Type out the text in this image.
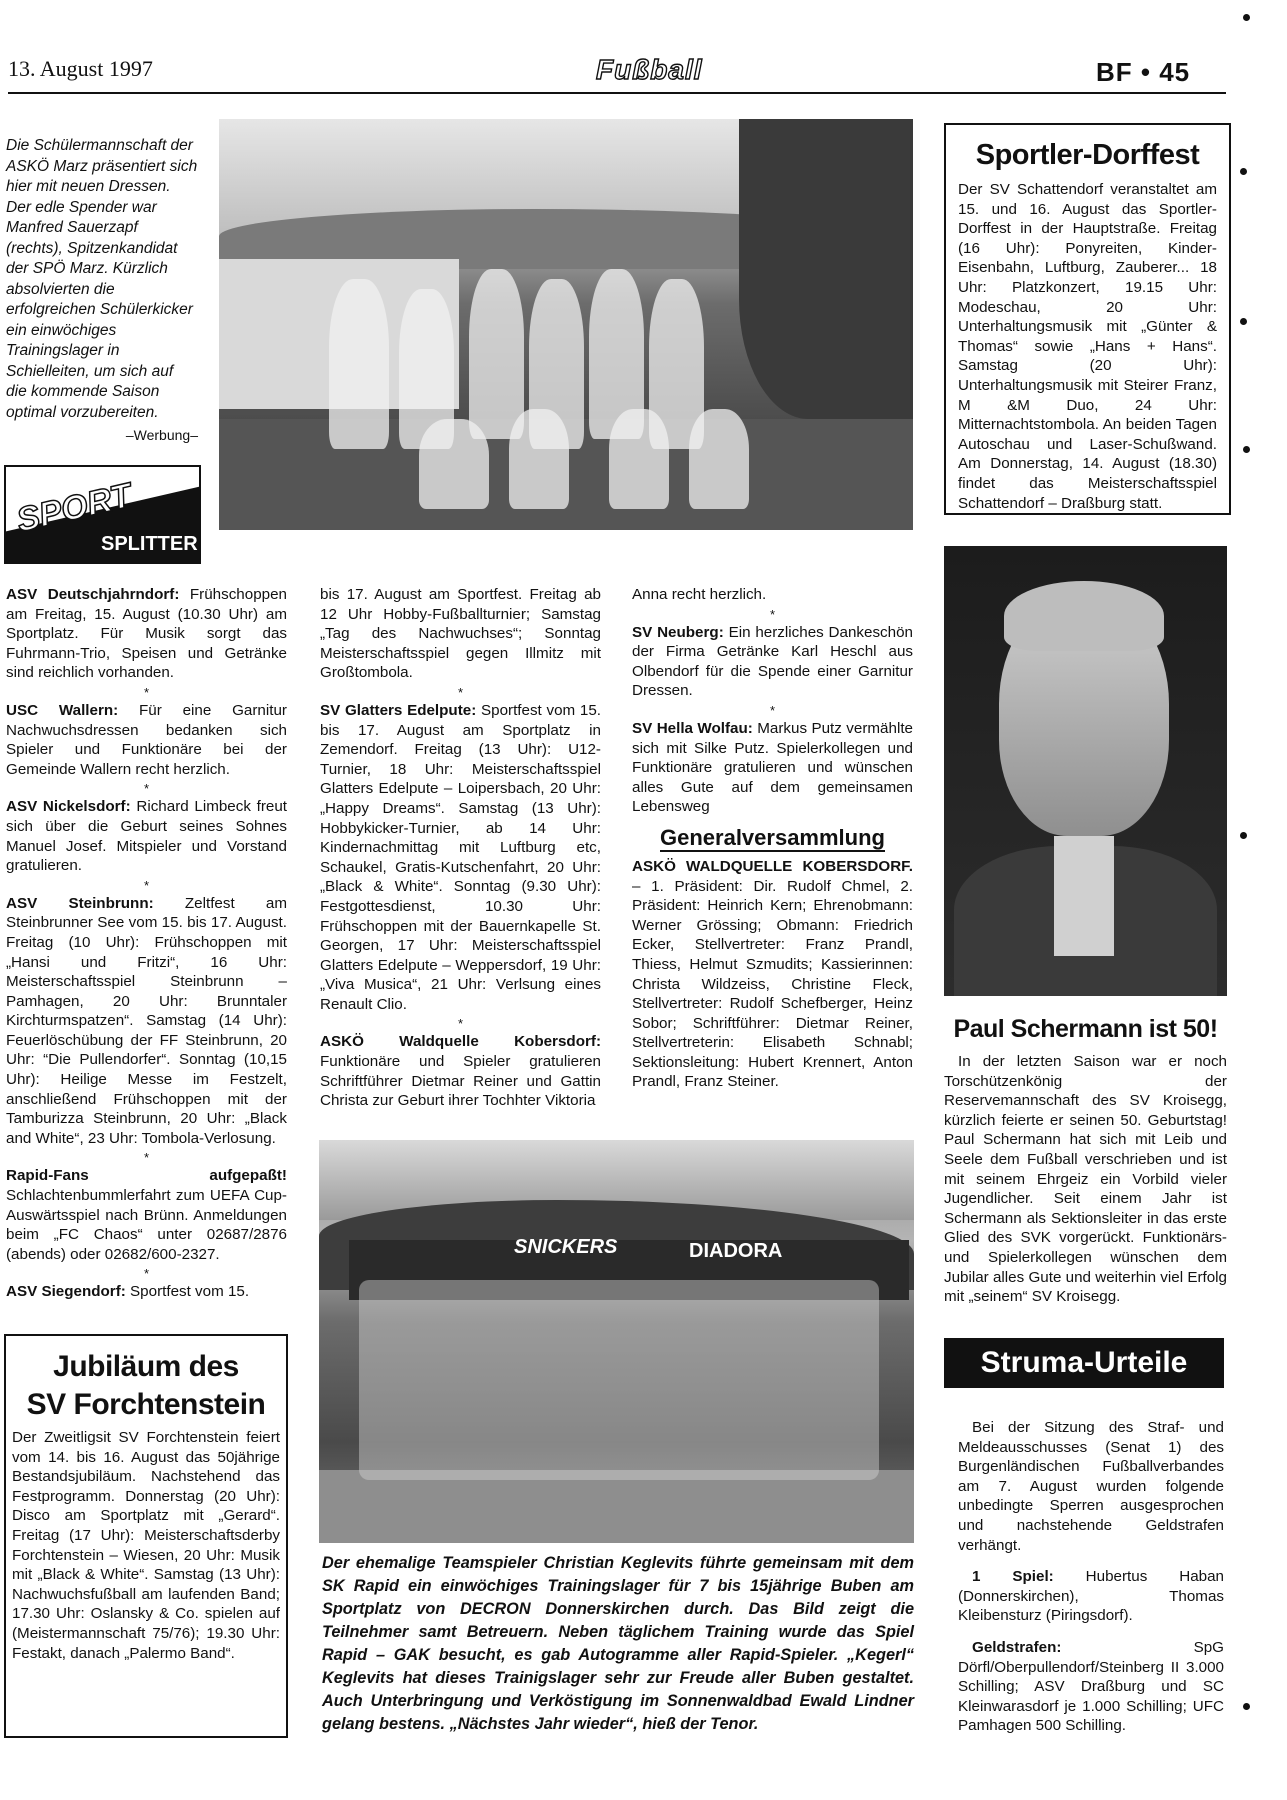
13. August 1997	Fußball	BF • 45
Die Schülermannschaft der ASKÖ Marz präsentiert sich hier mit neuen Dressen. Der edle Spender war Manfred Sauerzapf (rechts), Spitzenkandidat der SPÖ Marz. Kürzlich absolvierten die erfolgreichen Schülerkicker ein einwöchiges Trainingslager in Schielleiten, um sich auf die kommende Saison optimal vorzubereiten.
–Werbung–
SPORT
SPLITTER

ASV Deutschjahrndorf: Frühschoppen am Freitag, 15. August (10.30 Uhr) am Sportplatz. Für Musik sorgt das Fuhrmann-Trio, Speisen und Getränke sind reichlich vorhanden.

*

USC Wallern: Für eine Garnitur Nachwuchsdressen bedanken sich Spieler und Funktionäre bei der Gemeinde Wallern recht herzlich.

*

ASV Nickelsdorf: Richard Limbeck freut sich über die Geburt seines Sohnes Manuel Josef. Mitspieler und Vorstand gratulieren.

*

ASV Steinbrunn: Zeltfest am Steinbrunner See vom 15. bis 17. August. Freitag (10 Uhr): Frühschoppen mit „Hansi und Fritzi“, 16 Uhr: Meisterschaftsspiel Steinbrunn – Pamhagen, 20 Uhr: Brunntaler Kirchturmspatzen“. Samstag (14 Uhr): Feuerlöschübung der FF Steinbrunn, 20 Uhr: “Die Pullendorfer“. Sonntag (10,15 Uhr): Heilige Messe im Festzelt, anschließend Frühschoppen mit der Tamburizza Steinbrunn, 20 Uhr: „Black and White“, 23 Uhr: Tombola-Verlosung.

*

Rapid-Fans aufgepaßt! Schlachtenbummlerfahrt zum UEFA Cup-Auswärtsspiel nach Brünn. Anmeldungen beim „FC Chaos“ unter 02687/2876 (abends) oder 02682/600-2327.

*

ASV Siegendorf: Sportfest vom 15.

bis 17. August am Sportfest. Freitag ab 12 Uhr Hobby-Fußballturnier; Samstag „Tag des Nachwuchses“; Sonntag Meisterschaftsspiel gegen Illmitz mit Großtombola.

*

SV Glatters Edelpute: Sportfest vom 15. bis 17. August am Sportplatz in Zemendorf. Freitag (13 Uhr): U12-Turnier, 18 Uhr: Meisterschaftsspiel Glatters Edelpute – Loipersbach, 20 Uhr: „Happy Dreams“. Samstag (13 Uhr): Hobbykicker-Turnier, ab 14 Uhr: Kindernachmittag mit Luftburg etc, Schaukel, Gratis-Kutschenfahrt, 20 Uhr: „Black & White“. Sonntag (9.30 Uhr): Festgottesdienst, 10.30 Uhr: Frühschoppen mit der Bauernkapelle St. Georgen, 17 Uhr: Meisterschaftsspiel Glatters Edelpute – Weppersdorf, 19 Uhr: „Viva Musica“, 21 Uhr: Verlsung eines Renault Clio.

*

ASKÖ Waldquelle Kobersdorf: Funktionäre und Spieler gratulieren Schriftführer Dietmar Reiner und Gattin Christa zur Geburt ihrer Tochhter Viktoria

Anna recht herzlich.

*

SV Neuberg: Ein herzliches Dankeschön der Firma Getränke Karl Heschl aus Olbendorf für die Spende einer Garnitur Dressen.

*

SV Hella Wolfau: Markus Putz vermählte sich mit Silke Putz. Spielerkollegen und Funktionäre gratulieren und wünschen alles Gute auf dem gemeinsamen Lebensweg

Generalversammlung

ASKÖ WALDQUELLE KOBERSDORF. – 1. Präsident: Dir. Rudolf Chmel, 2. Präsident: Heinrich Kern; Ehrenobmann: Werner Grössing; Obmann: Friedrich Ecker, Stellvertreter: Franz Prandl, Thiess, Helmut Szmudits; Kassierinnen: Christa Wildzeiss, Christine Fleck, Stellvertreter: Rudolf Schefberger, Heinz Sobor; Schriftführer: Dietmar Reiner, Stellvertreterin: Elisabeth Schnabl; Sektionsleitung: Hubert Krennert, Anton Prandl, Franz Steiner.

Jubiläum des
SV Forchtenstein

Der Zweitligsit SV Forchtenstein feiert vom 14. bis 16. August das 50jährige Bestandsjubiläum. Nachstehend das Festprogramm. Donnerstag (20 Uhr): Disco am Sportplatz mit „Gerard“. Freitag (17 Uhr): Meisterschaftsderby Forchtenstein – Wiesen, 20 Uhr: Musik mit „Black & White“. Samstag (13 Uhr): Nachwuchsfußball am laufenden Band; 17.30 Uhr: Oslansky & Co. spielen auf (Meistermannschaft 75/76); 19.30 Uhr: Festakt, danach „Palermo Band“.

SNICKERS	DIADORA
Der ehemalige Teamspieler Christian Keglevits führte gemeinsam mit dem SK Rapid ein einwöchiges Trainingslager für 7 bis 15jährige Buben am Sportplatz von DECRON Donnerskirchen durch. Das Bild zeigt die Teilnehmer samt Betreuern. Neben täglichem Training wurde das Spiel Rapid – GAK besucht, es gab Autogramme aller Rapid-Spieler. „Kegerl“ Keglevits hat dieses Trainigslager sehr zur Freude aller Buben gestaltet. Auch Unterbringung und Verköstigung im Sonnenwaldbad Ewald Lindner gelang bestens. „Nächstes Jahr wieder“, hieß der Tenor.
Sportler-Dorffest

Der SV Schattendorf veranstaltet am 15. und 16. August das Sportler-Dorffest in der Hauptstraße. Freitag (16 Uhr): Ponyreiten, Kinder-Eisenbahn, Luftburg, Zauberer... 18 Uhr: Platzkonzert, 19.15 Uhr: Modeschau, 20 Uhr: Unterhaltungsmusik mit „Günter & Thomas“ sowie „Hans + Hans“. Samstag (20 Uhr): Unterhaltungsmusik mit Steirer Franz, M &M Duo, 24 Uhr: Mitternachtstombola. An beiden Tagen Autoschau und Laser-Schußwand. Am Donnerstag, 14. August (18.30) findet das Meisterschaftsspiel Schattendorf – Draßburg statt.

Paul Schermann ist 50!

In der letzten Saison war er noch Torschützenkönig der Reservemannschaft des SV Kroisegg, kürzlich feierte er seinen 50. Geburtstag! Paul Schermann hat sich mit Leib und Seele dem Fußball verschrieben und ist mit seinem Ehrgeiz ein Vorbild vieler Jugendlicher. Seit einem Jahr ist Schermann als Sektionsleiter in das erste Glied des SVK vorgerückt. Funktionärs- und Spielerkollegen wünschen dem Jubilar alles Gute und weiterhin viel Erfolg mit „seinem“ SV Kroisegg.

Struma-Urteile

Bei der Sitzung des Straf- und Meldeausschusses (Senat 1) des Burgenländischen Fußballverbandes am 7. August wurden folgende unbedingte Sperren ausgesprochen und nachstehende Geldstrafen verhängt.

1 Spiel: Hubertus Haban (Donnerskirchen), Thomas Kleibensturz (Piringsdorf).

Geldstrafen: SpG Dörfl/Oberpullendorf/Steinberg II 3.000 Schilling; ASV Draßburg und SC Kleinwarasdorf je 1.000 Schilling; UFC Pamhagen 500 Schilling.
